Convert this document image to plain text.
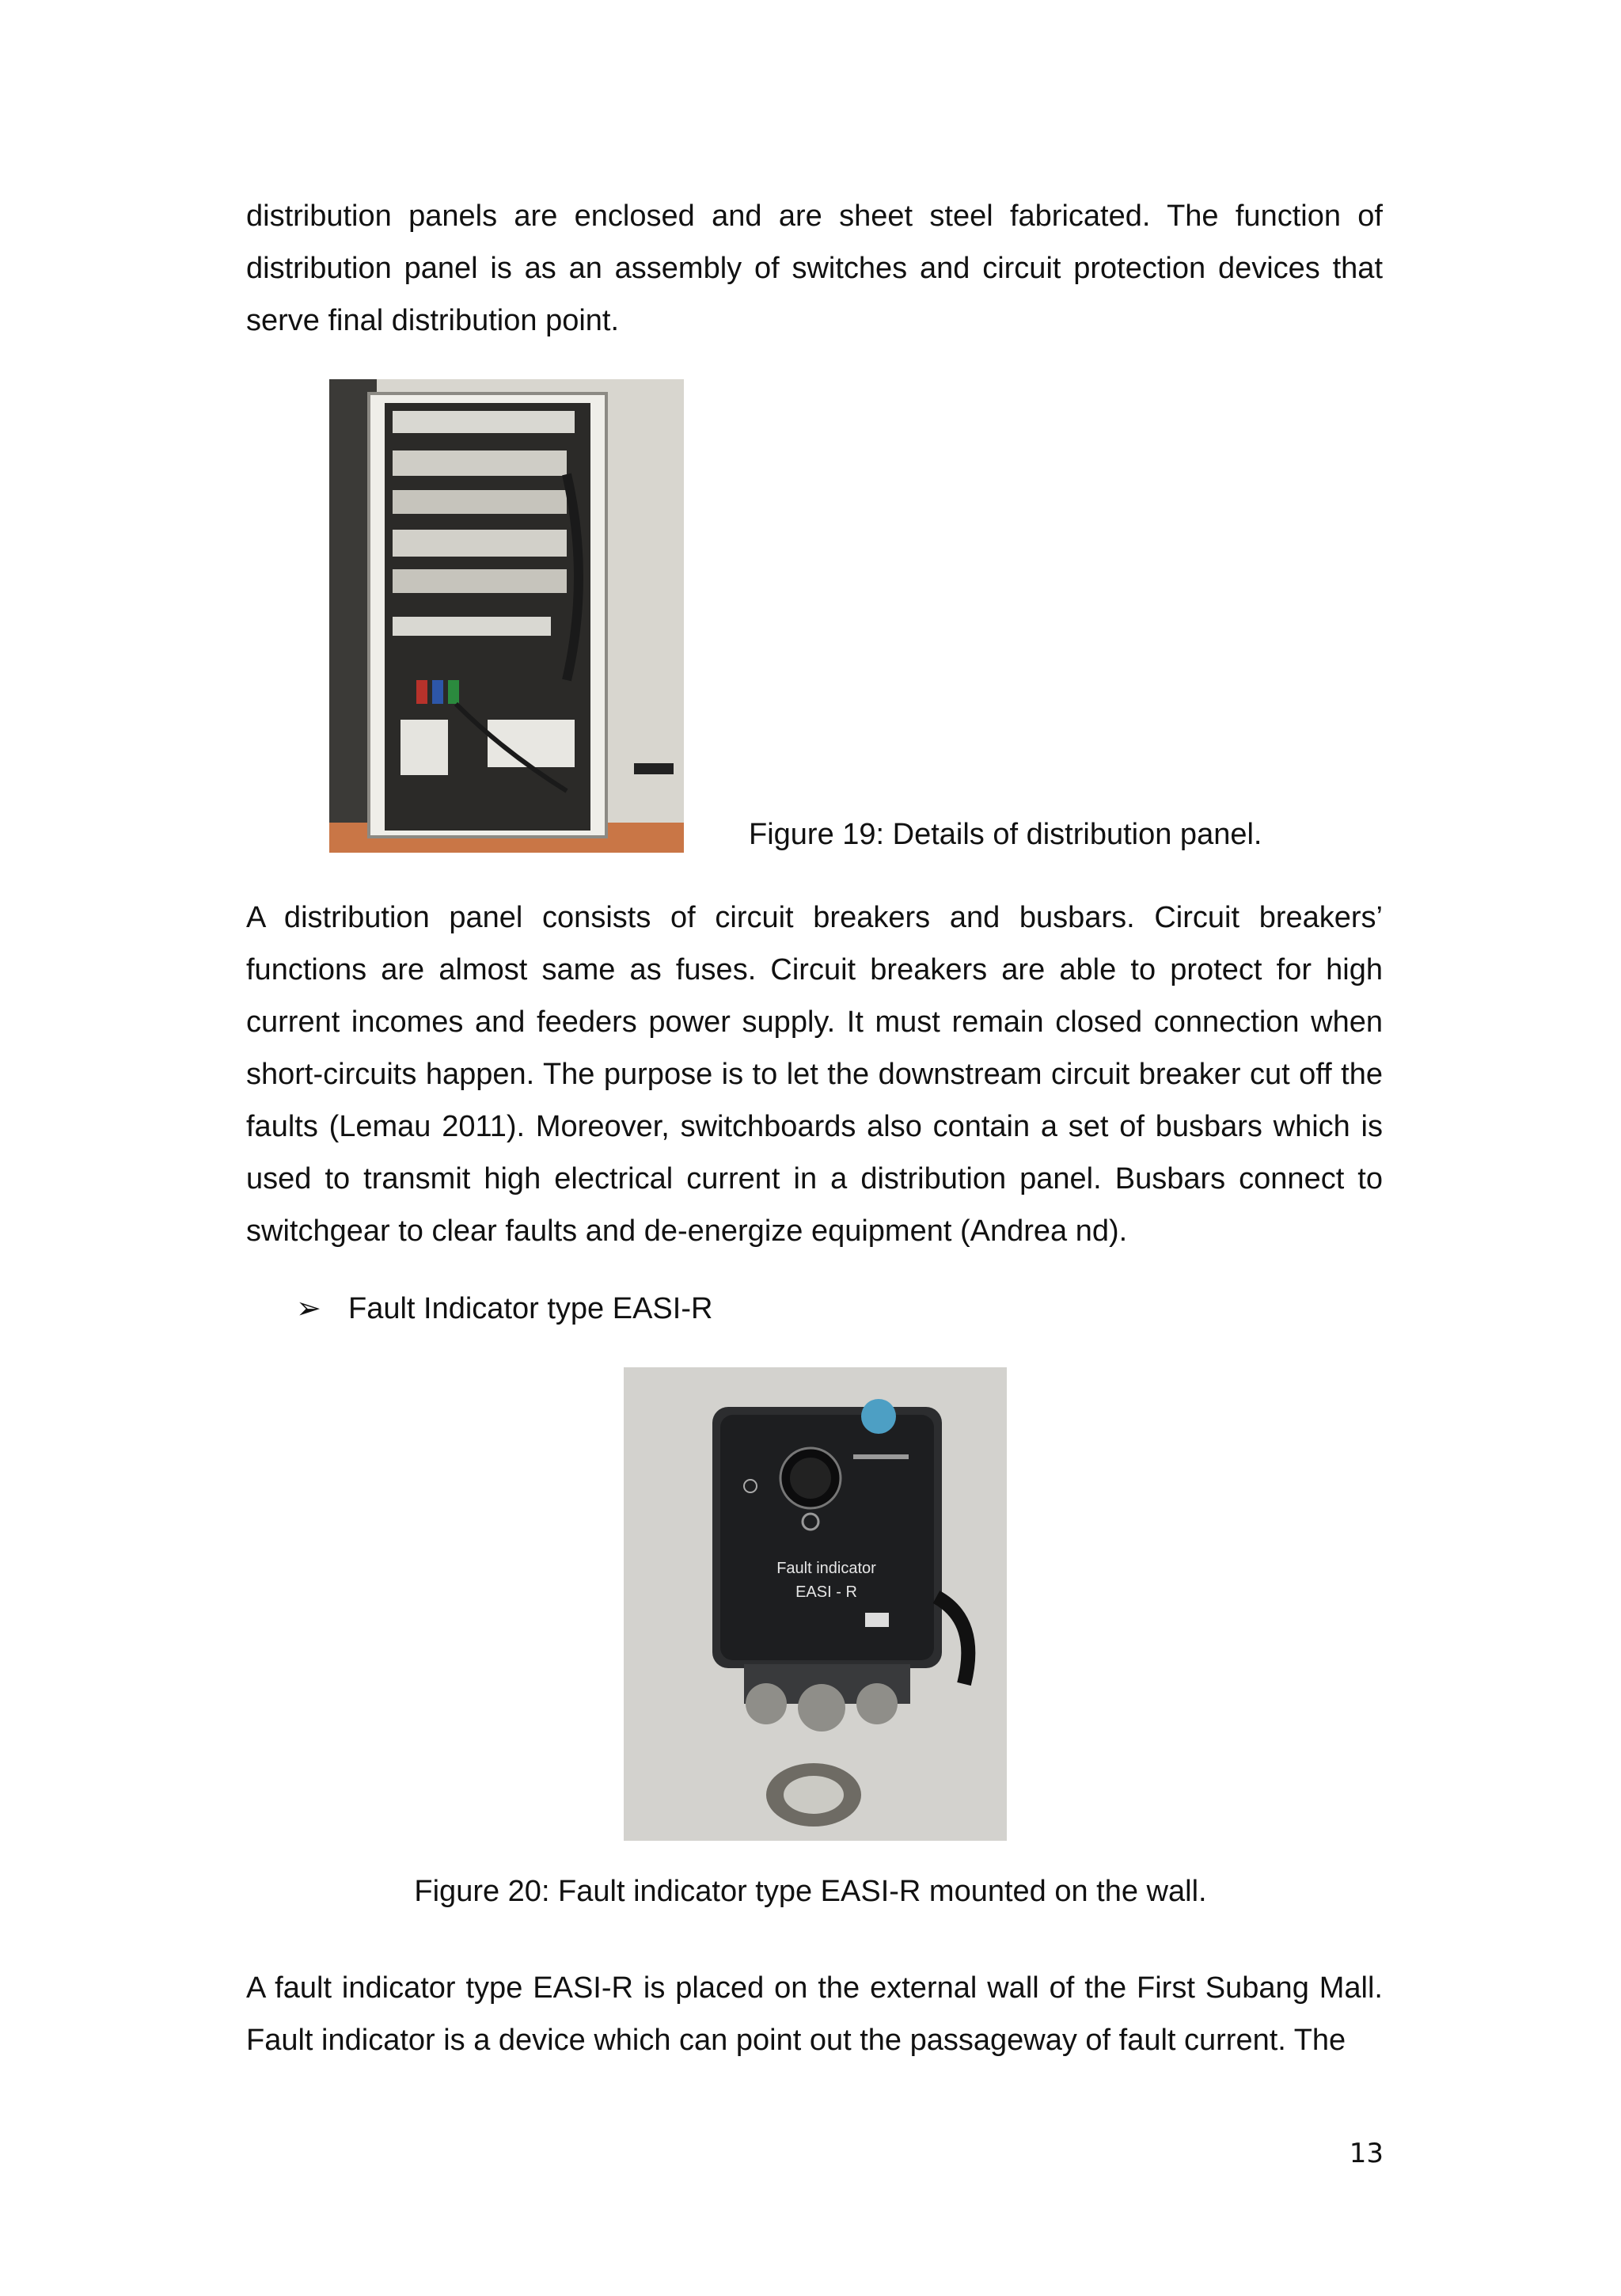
distribution panels are enclosed and are sheet steel fabricated. The function of distribution panel is as an assembly of switches and circuit protection devices that serve final distribution point.

Figure 19: Details of distribution panel.

A distribution panel consists of circuit breakers and busbars. Circuit breakers’ functions are almost same as fuses. Circuit breakers are able to protect for high current incomes and feeders power supply. It must remain closed connection when short-circuits happen. The purpose is to let the downstream circuit breaker cut off the faults (Lemau 2011). Moreover, switchboards also contain a set of busbars which is used to transmit high electrical current in a distribution panel. Busbars connect to switchgear to clear faults and de-energize equipment (Andrea nd).

➢ Fault Indicator type EASI-R
Fault indicator
EASI - R

Figure 20: Fault indicator type EASI-R mounted on the wall.

A fault indicator type EASI-R is placed on the external wall of the First Subang Mall. Fault indicator is a device which can point out the passageway of fault current. The

13
